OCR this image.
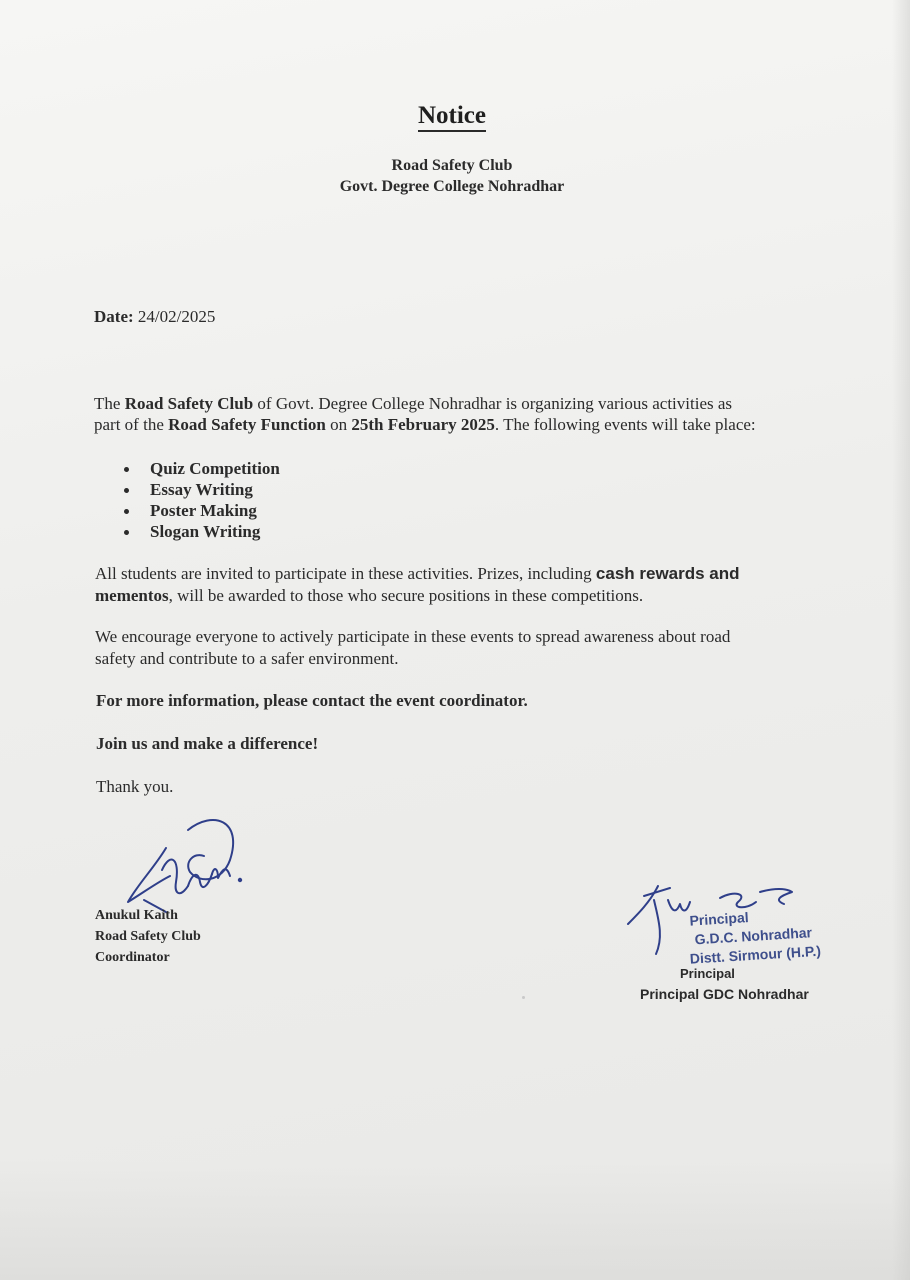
Notice
Road Safety Club
Govt. Degree College Nohradhar
Date: 24/02/2025
The Road Safety Club of Govt. Degree College Nohradhar is organizing various activities as
part of the Road Safety Function on 25th February 2025. The following events will take place:
Quiz Competition
Essay Writing
Poster Making
Slogan Writing
All students are invited to participate in these activities. Prizes, including cash rewards and
mementos, will be awarded to those who secure positions in these competitions.
We encourage everyone to actively participate in these events to spread awareness about road
safety and contribute to a safer environment.
For more information, please contact the event coordinator.
Join us and make a difference!
Thank you.
Anukul Kaith
Road Safety Club
Coordinator
Principal
G.D.C. Nohradhar
Distt. Sirmour (H.P.)
Principal
Principal GDC Nohradhar
